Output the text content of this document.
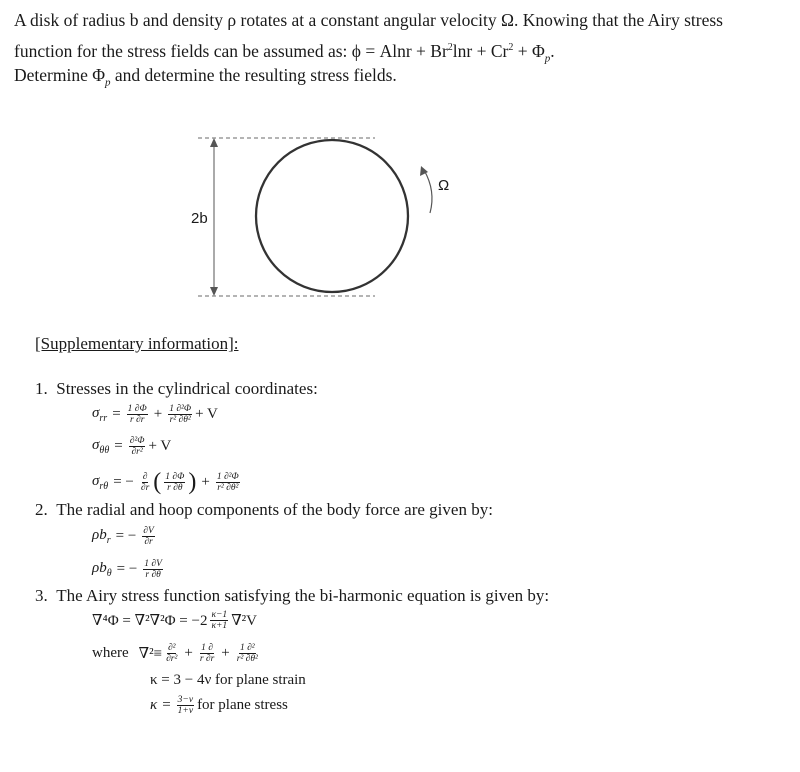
A disk of radius b and density ρ rotates at a constant angular velocity Ω. Knowing that the Airy stress
function for the stress fields can be assumed as: $\phi = Alnr + Br^2\ln r + Cr^2 + \Phi_p$.
Determine $\Phi_p$ and determine the resulting stress fields.
2b
Ω
[Supplementary information]:
1. Stresses in the cylindrical coordinates:
$\sigma_{rr} = \frac{1 \partial\Phi}{r \partial r} + \frac{\text{1 ∂²Φ}}{\text{r² ∂θ²}} + V$
$\sigma_{\theta\theta} = \frac{\text{∂²Φ}}{\text{∂r²}} + V$
$\sigma_{r\theta}$ = − $\frac{\partial}{\partial r}$ ( $\frac{1 \partial\Phi}{r \partial\theta}$ ) + $\frac{\text{1 ∂²Φ}}{\text{r² ∂θ²}}$
2. The radial and hoop components of the body force are given by:
$\rho b_r$ = − $\frac{\partial V}{\partial r}$
$\rho b_\theta$ = − $\frac{1 \partial V}{r \partial\theta}$
3. The Airy stress function satisfying the bi-harmonic equation is given by:
$\nabla^4\Phi = \nabla^2\nabla^2\Phi = -2 \frac{\kappa-1}{\kappa+1} \nabla^2V$
where $\nabla^2\equiv \frac{\text{∂²}}{\text{∂r²}} + \frac{1 \partial}{r \partial r} + \frac{\text{1 ∂²}}{\text{r² ∂θ²}}$
κ = 3 − 4ν for plane strain
$\kappa = \frac{3-\nu}{1+\nu}$ for plane stress
